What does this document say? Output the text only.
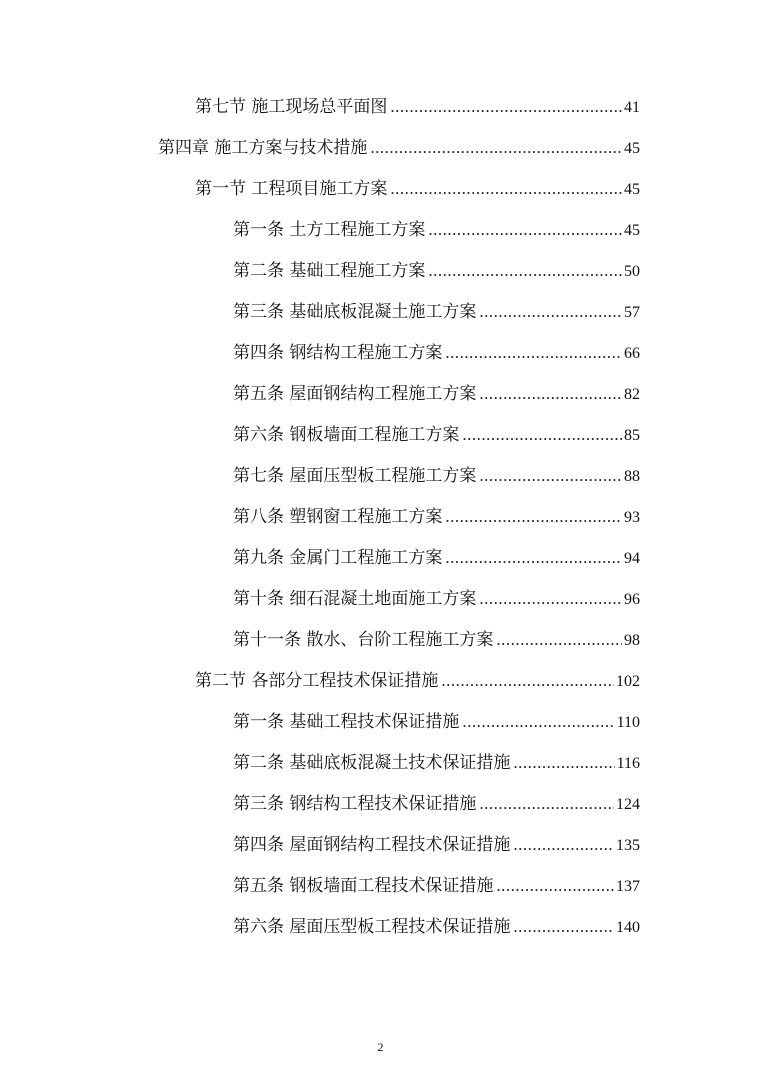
第七节 施工现场总平面图 .....	41
第四章 施工方案与技术措施 .....	45
第一节 工程项目施工方案 .....	45
第一条 土方工程施工方案 .....	45
第二条 基础工程施工方案 .....	50
第三条 基础底板混凝土施工方案 .....	57
第四条 钢结构工程施工方案 .....	66
第五条 屋面钢结构工程施工方案 .....	82
第六条 钢板墙面工程施工方案 .....	85
第七条 屋面压型板工程施工方案 .....	88
第八条 塑钢窗工程施工方案 .....	93
第九条 金属门工程施工方案 .....	94
第十条 细石混凝土地面施工方案 .....	96
第十一条 散水、台阶工程施工方案 .....	98
第二节 各部分工程技术保证措施 .....	102
第一条 基础工程技术保证措施 .....	110
第二条 基础底板混凝土技术保证措施 .....	116
第三条 钢结构工程技术保证措施 .....	124
第四条 屋面钢结构工程技术保证措施 .....	135
第五条 钢板墙面工程技术保证措施 .....	137
第六条 屋面压型板工程技术保证措施 .....	140
2
